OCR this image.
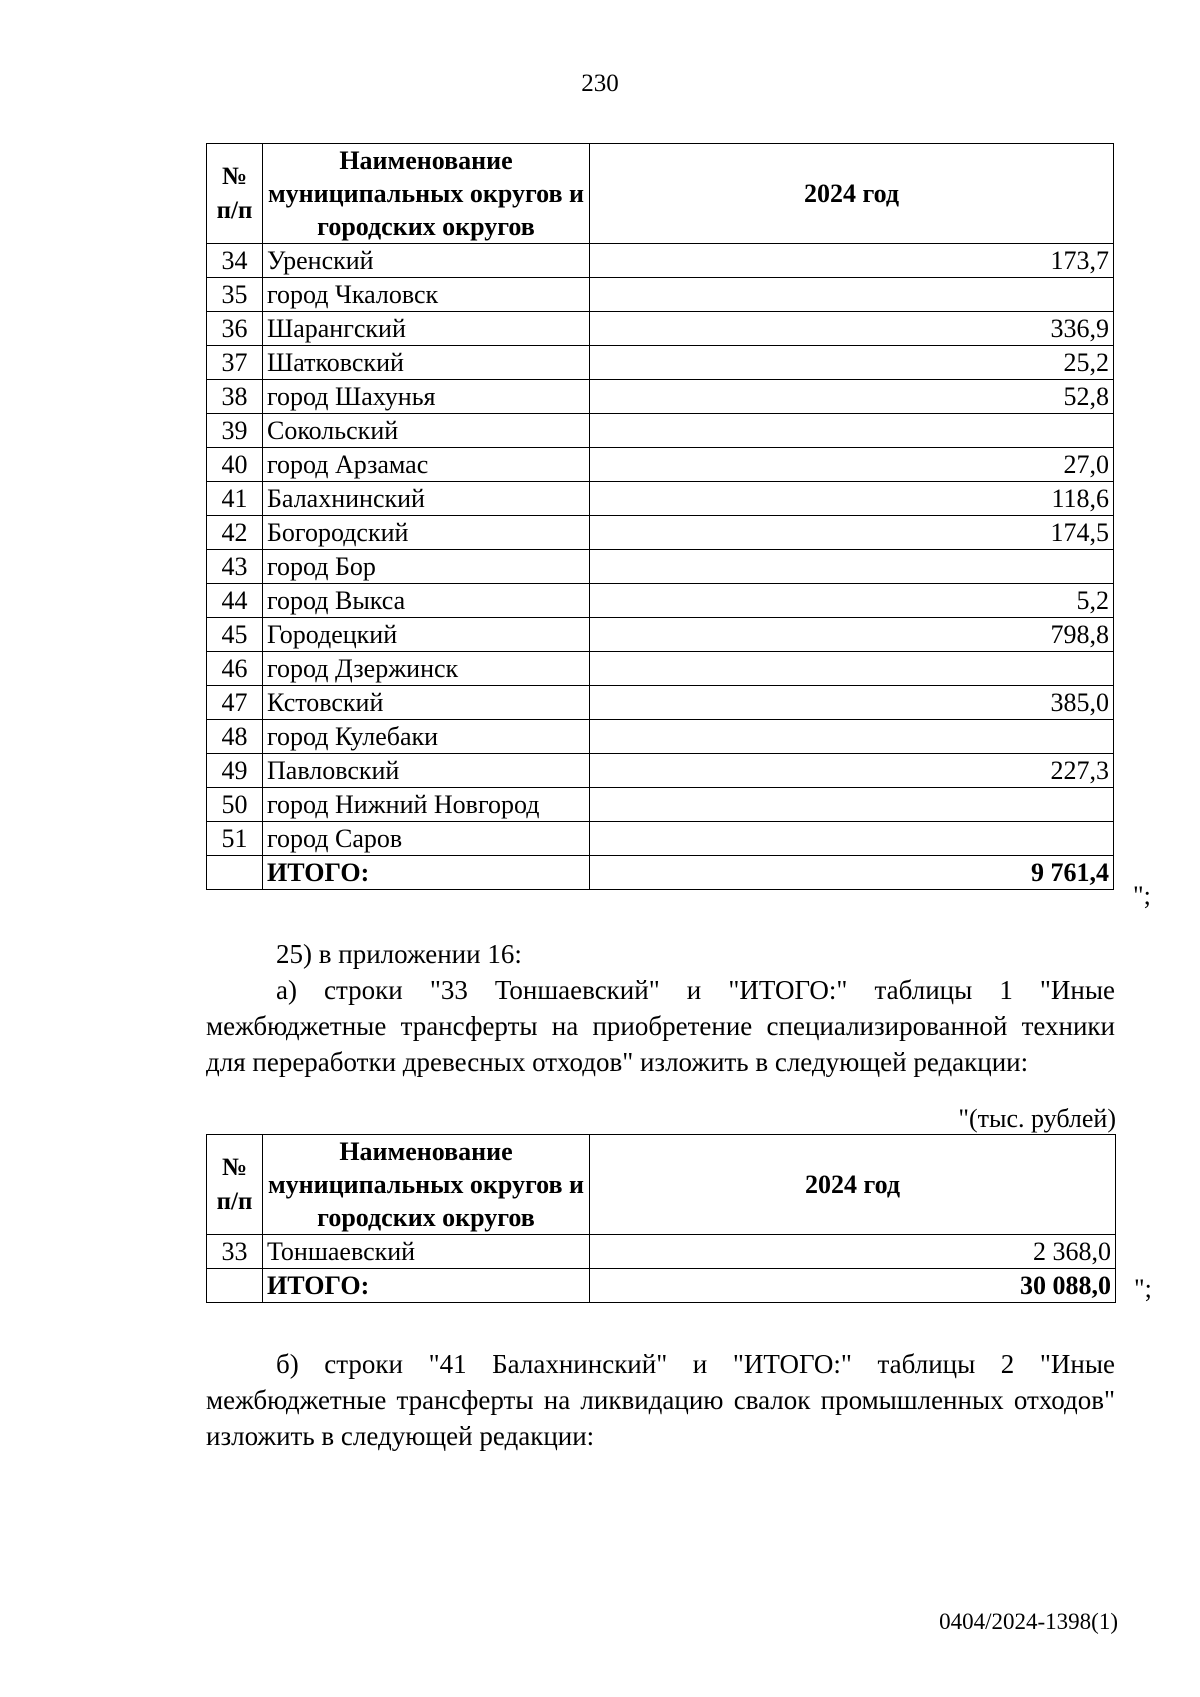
230
№ п/п	Наименование муниципальных округов и городских округов	2024 год
34	Уренский	173,7
35	город Чкаловск	
36	Шарангский	336,9
37	Шатковский	25,2
38	город Шахунья	52,8
39	Сокольский	
40	город Арзамас	27,0
41	Балахнинский	118,6
42	Богородский	174,5
43	город Бор	
44	город Выкса	5,2
45	Городецкий	798,8
46	город Дзержинск	
47	Кстовский	385,0
48	город Кулебаки	
49	Павловский	227,3
50	город Нижний Новгород	
51	город Саров	
	ИТОГО:	9 761,4
";
25) в приложении 16:
а) строки "33 Тоншаевский" и "ИТОГО:" таблицы 1 "Иные межбюджетные трансферты на приобретение специализированной техники для переработки древесных отходов" изложить в следующей редакции:
"(тыс. рублей)
№ п/п	Наименование муниципальных округов и городских округов	2024 год
33	Тоншаевский	2 368,0
	ИТОГО:	30 088,0 ";
б) строки "41 Балахнинский" и "ИТОГО:" таблицы 2 "Иные межбюджетные трансферты на ликвидацию свалок промышленных отходов" изложить в следующей редакции:
0404/2024-1398(1)
